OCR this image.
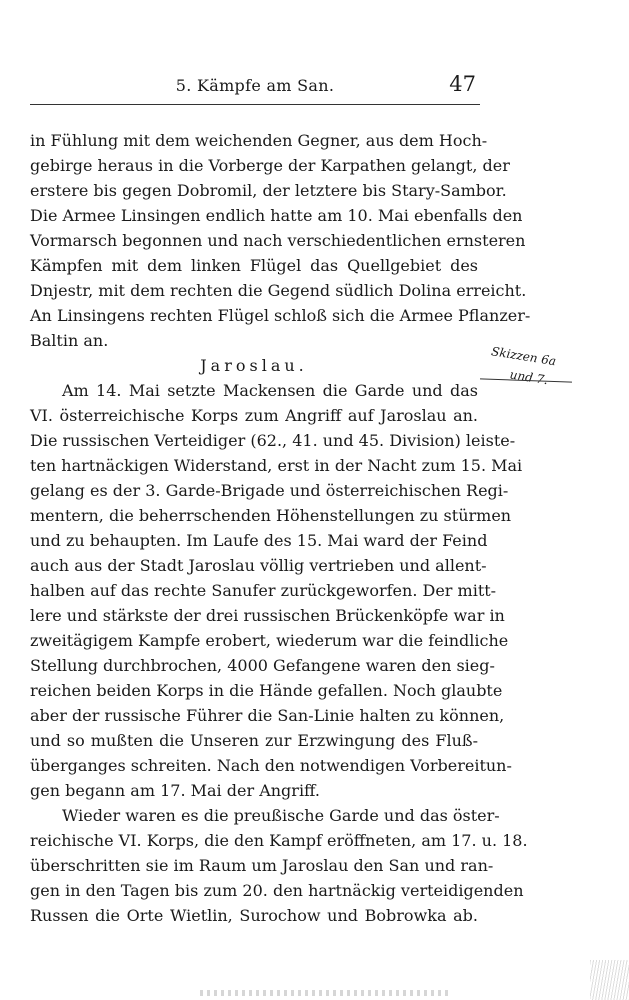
5. Kämpfe am San.	47
in Fühlung mit dem weichenden Gegner, aus dem Hoch-
gebirge heraus in die Vorberge der Karpathen gelangt, der
erstere bis gegen Dobromil, der letztere bis Stary-Sambor.
Die Armee Linsingen endlich hatte am 10. Mai ebenfalls den
Vormarsch begonnen und nach verschiedentlichen ernsteren
Kämpfen mit dem linken Flügel das Quellgebiet des
Dnjestr, mit dem rechten die Gegend südlich Dolina erreicht.
An Linsingens rechten Flügel schloß sich die Armee Pflanzer-
Baltin an.
Jaroslau.
Am 14. Mai setzte Mackensen die Garde und das
VI. österreichische Korps zum Angriff auf Jaroslau an.
Die russischen Verteidiger (62., 41. und 45. Division) leiste-
ten hartnäckigen Widerstand, erst in der Nacht zum 15. Mai
gelang es der 3. Garde-Brigade und österreichischen Regi-
mentern, die beherrschenden Höhenstellungen zu stürmen
und zu behaupten. Im Laufe des 15. Mai ward der Feind
auch aus der Stadt Jaroslau völlig vertrieben und allent-
halben auf das rechte Sanufer zurückgeworfen. Der mitt-
lere und stärkste der drei russischen Brückenköpfe war in
zweitägigem Kampfe erobert, wiederum war die feindliche
Stellung durchbrochen, 4000 Gefangene waren den sieg-
reichen beiden Korps in die Hände gefallen. Noch glaubte
aber der russische Führer die San-Linie halten zu können,
und so mußten die Unseren zur Erzwingung des Fluß-
überganges schreiten. Nach den notwendigen Vorbereitun-
gen begann am 17. Mai der Angriff.
Wieder waren es die preußische Garde und das öster-
reichische VI. Korps, die den Kampf eröffneten, am 17. u. 18.
überschritten sie im Raum um Jaroslau den San und ran-
gen in den Tagen bis zum 20. den hartnäckig verteidigenden
Russen die Orte Wietlin, Surochow und Bobrowka ab.
Skizzen 6a
und 7.
